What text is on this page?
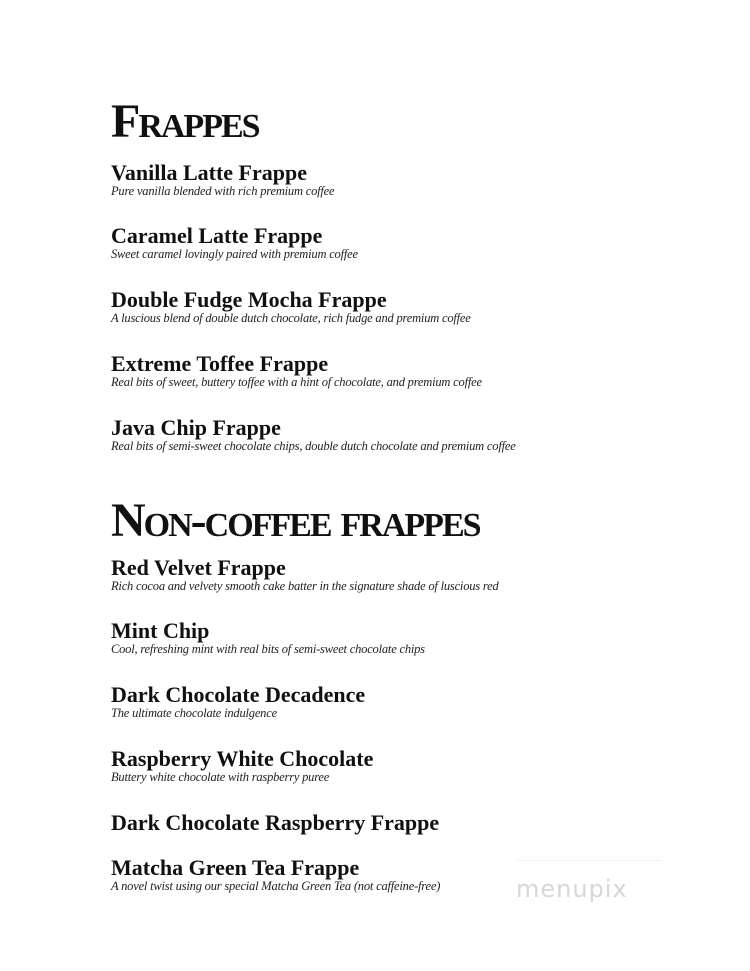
Frappes
Vanilla Latte Frappe
Pure vanilla blended with rich premium coffee
Caramel Latte Frappe
Sweet caramel lovingly paired with premium coffee
Double Fudge Mocha Frappe
A luscious blend of double dutch chocolate, rich fudge and premium coffee
Extreme Toffee Frappe
Real bits of sweet, buttery toffee with a hint of chocolate, and premium coffee
Java Chip Frappe
Real bits of semi-sweet chocolate chips, double dutch chocolate and premium coffee
Non-coffee frappes
Red Velvet Frappe
Rich cocoa and velvety smooth cake batter in the signature shade of luscious red
Mint Chip
Cool, refreshing mint with real bits of semi-sweet chocolate chips
Dark Chocolate Decadence
The ultimate chocolate indulgence
Raspberry White Chocolate
Buttery white chocolate with raspberry puree
Dark Chocolate Raspberry Frappe
Matcha Green Tea Frappe
A novel twist using our special Matcha Green Tea (not caffeine-free)	menupix
